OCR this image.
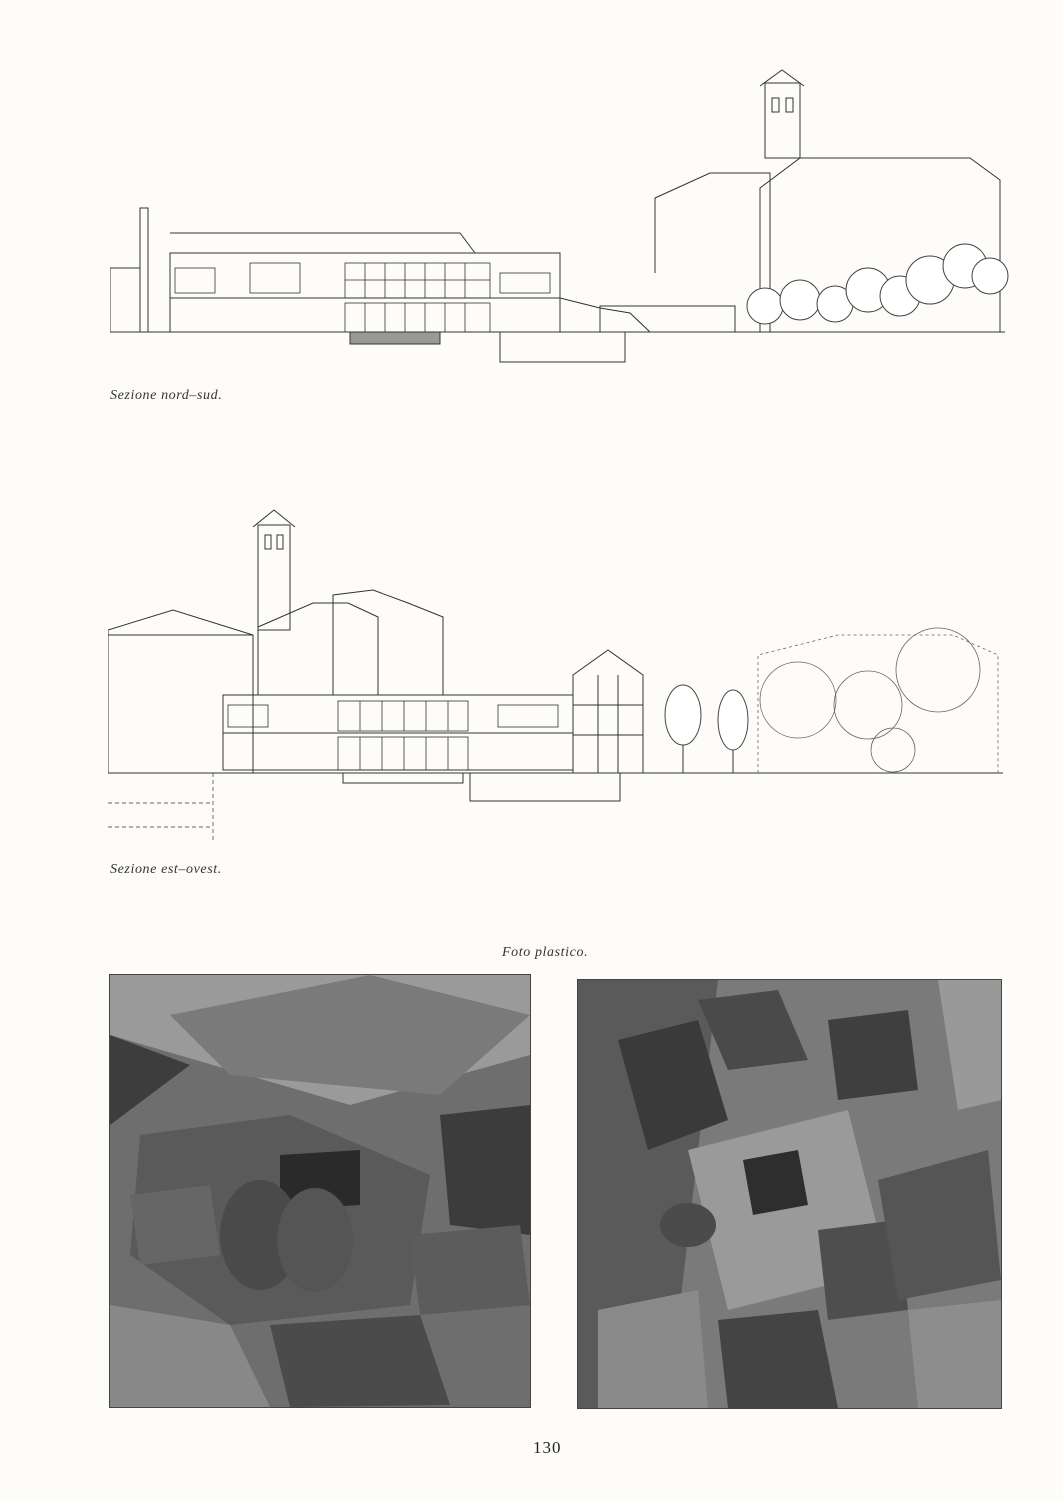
Sezione nord–sud.
Sezione est–ovest.
Foto plastico.
130
